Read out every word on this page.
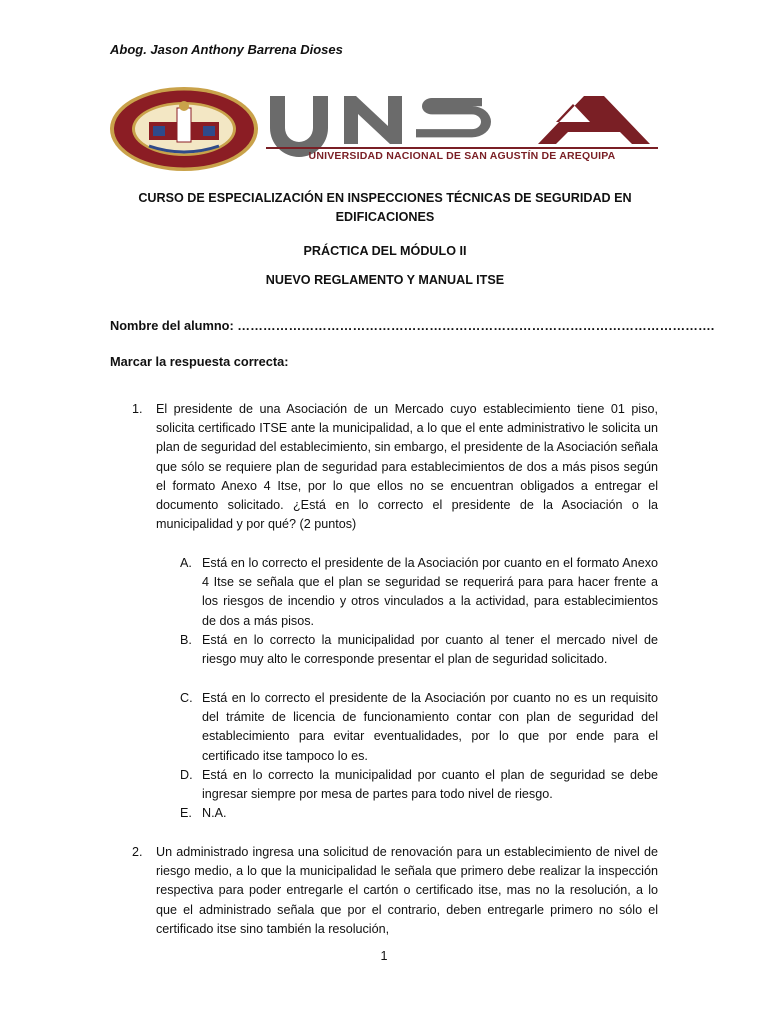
Abog. Jason Anthony Barrena Dioses
UNIVERSIDAD NACIONAL DE SAN AGUSTÍN DE AREQUIPA
CURSO DE ESPECIALIZACIÓN EN INSPECCIONES TÉCNICAS DE SEGURIDAD EN EDIFICACIONES
PRÁCTICA DEL MÓDULO II
NUEVO REGLAMENTO Y MANUAL ITSE
Nombre del alumno: ………………………………………………………………………………………………….
Marcar la respuesta correcta:
1. El presidente de una Asociación de un Mercado cuyo establecimiento tiene 01 piso, solicita certificado ITSE ante la municipalidad, a lo que el ente administrativo le solicita un plan de seguridad del establecimiento, sin embargo, el presidente de la Asociación señala que sólo se requiere plan de seguridad para establecimientos de dos a más pisos según el formato Anexo 4 Itse, por lo que ellos no se encuentran obligados a entregar el documento solicitado. ¿Está en lo correcto el presidente de la Asociación o la municipalidad y por qué? (2 puntos)
A. Está en lo correcto el presidente de la Asociación por cuanto en el formato Anexo 4 Itse se señala que el plan se seguridad se requerirá para para hacer frente a los riesgos de incendio y otros vinculados a la actividad, para establecimientos de dos a más pisos.
B. Está en lo correcto la municipalidad por cuanto al tener el mercado nivel de riesgo muy alto le corresponde presentar el plan de seguridad solicitado.
C. Está en lo correcto el presidente de la Asociación por cuanto no es un requisito del trámite de licencia de funcionamiento contar con plan de seguridad del establecimiento para evitar eventualidades, por lo que por ende para el certificado itse tampoco lo es.
D. Está en lo correcto la municipalidad por cuanto el plan de seguridad se debe ingresar siempre por mesa de partes para todo nivel de riesgo.
E. N.A.
2. Un administrado ingresa una solicitud de renovación para un establecimiento de nivel de riesgo medio, a lo que la municipalidad le señala que primero debe realizar la inspección respectiva para poder entregarle el cartón o certificado itse, mas no la resolución, a lo que el administrado señala que por el contrario, deben entregarle primero no sólo el certificado itse sino también la resolución,
1
